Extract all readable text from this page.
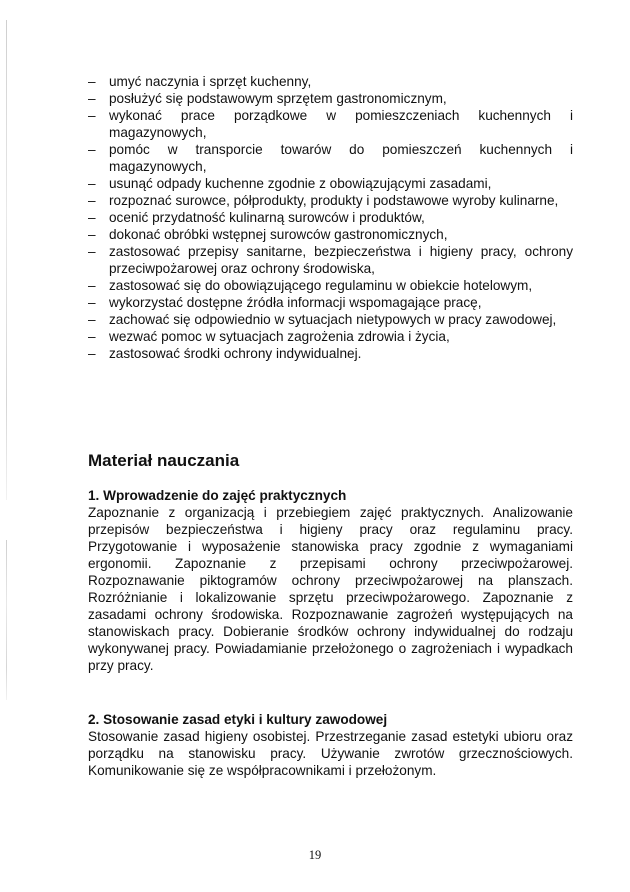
– umyć naczynia i sprzęt kuchenny,
– posłużyć się podstawowym sprzętem gastronomicznym,
– wykonać prace porządkowe w pomieszczeniach kuchennych i magazynowych,
– pomóc w transporcie towarów do pomieszczeń kuchennych i magazynowych,
– usunąć odpady kuchenne zgodnie z obowiązującymi zasadami,
– rozpoznać surowce, półprodukty, produkty i podstawowe wyroby kulinarne,
– ocenić przydatność kulinarną surowców i produktów,
– dokonać obróbki wstępnej surowców gastronomicznych,
– zastosować przepisy sanitarne, bezpieczeństwa i higieny pracy, ochrony przeciwpożarowej oraz ochrony środowiska,
– zastosować się do obowiązującego regulaminu w obiekcie hotelowym,
– wykorzystać dostępne źródła informacji wspomagające pracę,
– zachować się odpowiednio w sytuacjach nietypowych w pracy zawodowej,
– wezwać pomoc w sytuacjach zagrożenia zdrowia i życia,
– zastosować środki ochrony indywidualnej.
Materiał nauczania
1. Wprowadzenie do zajęć praktycznych

Zapoznanie z organizacją i przebiegiem zajęć praktycznych. Analizowanie przepisów bezpieczeństwa i higieny pracy oraz regulaminu pracy. Przygotowanie i wyposażenie stanowiska pracy zgodnie z wymaganiami ergonomii. Zapoznanie z przepisami ochrony przeciwpożarowej. Rozpoznawanie piktogramów ochrony przeciwpożarowej na planszach. Rozróżnianie i lokalizowanie sprzętu przeciwpożarowego. Zapoznanie z zasadami ochrony środowiska. Rozpoznawanie zagrożeń występujących na stanowiskach pracy. Dobieranie środków ochrony indywidualnej do rodzaju wykonywanej pracy. Powiadamianie przełożonego o zagrożeniach i wypadkach przy pracy.

2. Stosowanie zasad etyki i kultury zawodowej

Stosowanie zasad higieny osobistej. Przestrzeganie zasad estetyki ubioru oraz porządku na stanowisku pracy. Używanie zwrotów grzecznościowych. Komunikowanie się ze współpracownikami i przełożonym.

19
